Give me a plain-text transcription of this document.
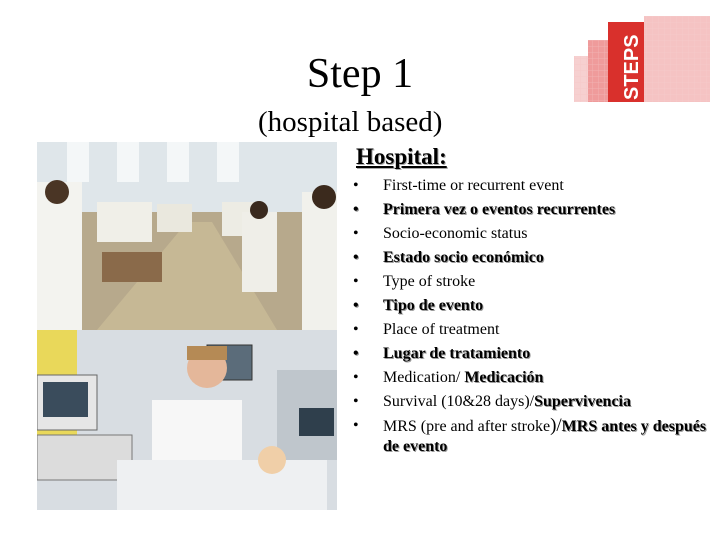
Step 1
(hospital based)
STEPS
Hospital:
• First-time or recurrent event
• Primera vez o eventos recurrentes
• Socio-economic status
• Estado socio económico
• Type of stroke
• Tipo de evento
• Place of treatment
• Lugar de tratamiento
• Medication/ Medicación
• Survival (10&28 days)/Supervivencia
• MRS (pre and after stroke)/MRS antes y después de evento
